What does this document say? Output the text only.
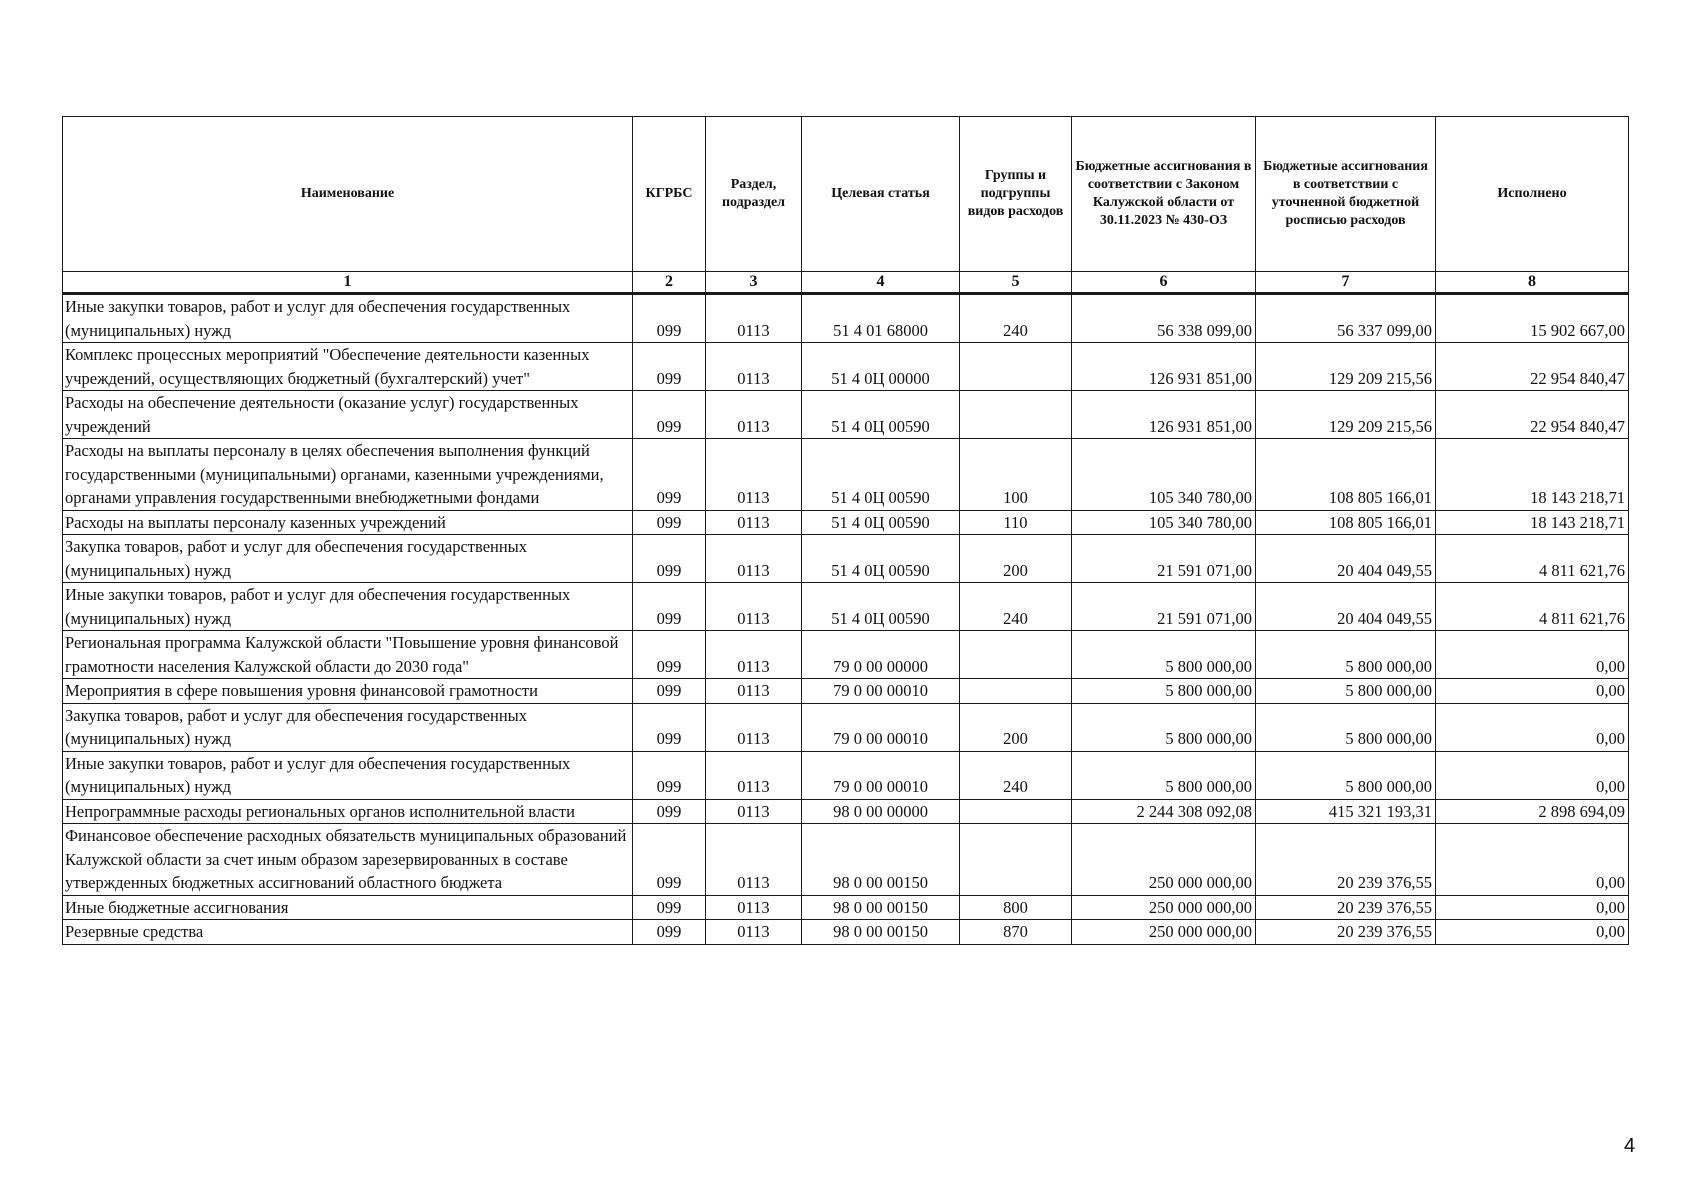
Наименование	КГРБС	Раздел, подраздел	Целевая статья	Группы и подгруппы видов расходов	Бюджетные ассигнования в соответствии с Законом Калужской области от 30.11.2023 № 430-ОЗ	Бюджетные ассигнования в соответствии с уточненной бюджетной росписью расходов	Исполнено
1	2	3	4	5	6	7	8
Иные закупки товаров, работ и услуг для обеспечения государственных (муниципальных) нужд	099	0113	51 4 01 68000	240	56 338 099,00	56 337 099,00	15 902 667,00
Комплекс процессных мероприятий "Обеспечение деятельности казенных учреждений, осуществляющих бюджетный (бухгалтерский) учет"	099	0113	51 4 0Ц 00000		126 931 851,00	129 209 215,56	22 954 840,47
Расходы на обеспечение деятельности (оказание услуг) государственных учреждений	099	0113	51 4 0Ц 00590		126 931 851,00	129 209 215,56	22 954 840,47
Расходы на выплаты персоналу в целях обеспечения выполнения функций государственными (муниципальными) органами, казенными учреждениями, органами управления государственными внебюджетными фондами	099	0113	51 4 0Ц 00590	100	105 340 780,00	108 805 166,01	18 143 218,71
Расходы на выплаты персоналу казенных учреждений	099	0113	51 4 0Ц 00590	110	105 340 780,00	108 805 166,01	18 143 218,71
Закупка товаров, работ и услуг для обеспечения государственных (муниципальных) нужд	099	0113	51 4 0Ц 00590	200	21 591 071,00	20 404 049,55	4 811 621,76
Иные закупки товаров, работ и услуг для обеспечения государственных (муниципальных) нужд	099	0113	51 4 0Ц 00590	240	21 591 071,00	20 404 049,55	4 811 621,76
Региональная программа Калужской области "Повышение уровня финансовой грамотности населения Калужской области до 2030 года"	099	0113	79 0 00 00000		5 800 000,00	5 800 000,00	0,00
Мероприятия в сфере повышения уровня финансовой грамотности	099	0113	79 0 00 00010		5 800 000,00	5 800 000,00	0,00
Закупка товаров, работ и услуг для обеспечения государственных (муниципальных) нужд	099	0113	79 0 00 00010	200	5 800 000,00	5 800 000,00	0,00
Иные закупки товаров, работ и услуг для обеспечения государственных (муниципальных) нужд	099	0113	79 0 00 00010	240	5 800 000,00	5 800 000,00	0,00
Непрограммные расходы региональных органов исполнительной власти	099	0113	98 0 00 00000		2 244 308 092,08	415 321 193,31	2 898 694,09
Финансовое обеспечение расходных обязательств муниципальных образований Калужской области за счет иным образом зарезервированных в составе утвержденных бюджетных ассигнований областного бюджета	099	0113	98 0 00 00150		250 000 000,00	20 239 376,55	0,00
Иные бюджетные ассигнования	099	0113	98 0 00 00150	800	250 000 000,00	20 239 376,55	0,00
Резервные средства	099	0113	98 0 00 00150	870	250 000 000,00	20 239 376,55	0,00
4
